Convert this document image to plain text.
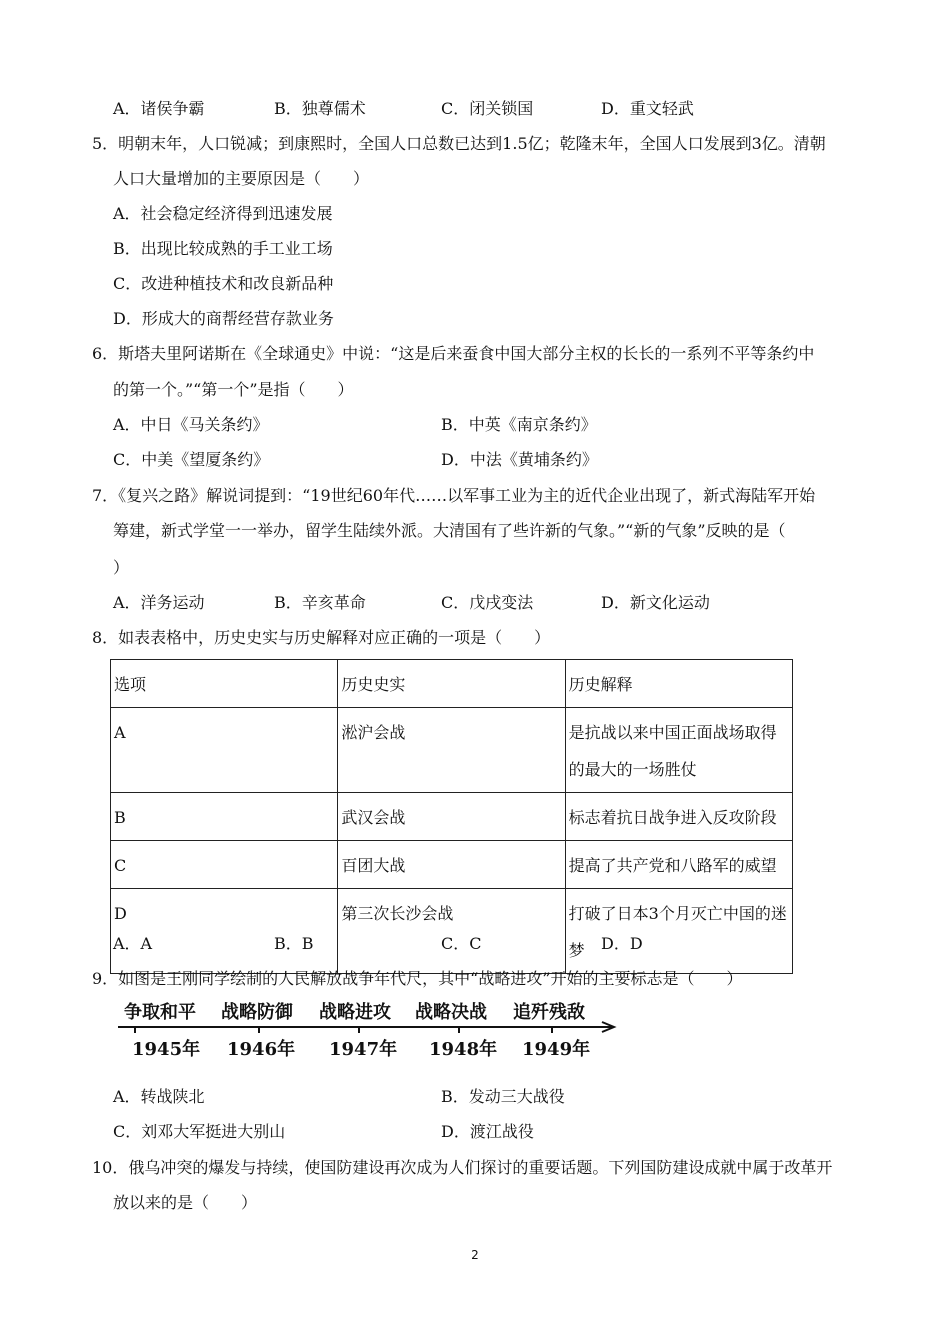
A．诸侯争霸	B．独尊儒术	C．闭关锁国	D．重文轻武
5．明朝末年，人口锐减；到康熙时，全国人口总数已达到1.5亿；乾隆末年，全国人口发展到3亿。清朝
人口大量增加的主要原因是（　　）
A．社会稳定经济得到迅速发展
B．出现比较成熟的手工业工场
C．改进种植技术和改良新品种
D．形成大的商帮经营存款业务
6．斯塔夫里阿诺斯在《全球通史》中说：“这是后来蚕食中国大部分主权的长长的一系列不平等条约中
的第一个。”“第一个”是指（　　）
A．中日《马关条约》	B．中英《南京条约》
C．中美《望厦条约》	D．中法《黄埔条约》
7．《复兴之路》解说词提到：“19世纪60年代……以军事工业为主的近代企业出现了，新式海陆军开始
筹建，新式学堂一一举办，留学生陆续外派。大清国有了些许新的气象。”“新的气象”反映的是（
）
A．洋务运动	B．辛亥革命	C．戊戌变法	D．新文化运动
8．如表表格中，历史史实与历史解释对应正确的一项是（　　）
选项	历史史实	历史解释
A	淞沪会战	是抗战以来中国正面战场取得的最大的一场胜仗
B	武汉会战	标志着抗日战争进入反攻阶段
C	百团大战	提高了共产党和八路军的威望
D	第三次长沙会战	打破了日本3个月灭亡中国的迷梦
A．A	B．B	C．C	D．D
9．如图是王刚同学绘制的人民解放战争年代尺，其中“战略进攻”开始的主要标志是（　　）
争取和平 战略防御 战略进攻 战略决战 追歼残敌
1945年 1946年 1947年 1948年 1949年
A．转战陕北	B．发动三大战役
C．刘邓大军挺进大别山	D．渡江战役
10．俄乌冲突的爆发与持续，使国防建设再次成为人们探讨的重要话题。下列国防建设成就中属于改革开
放以来的是（　　）
2
